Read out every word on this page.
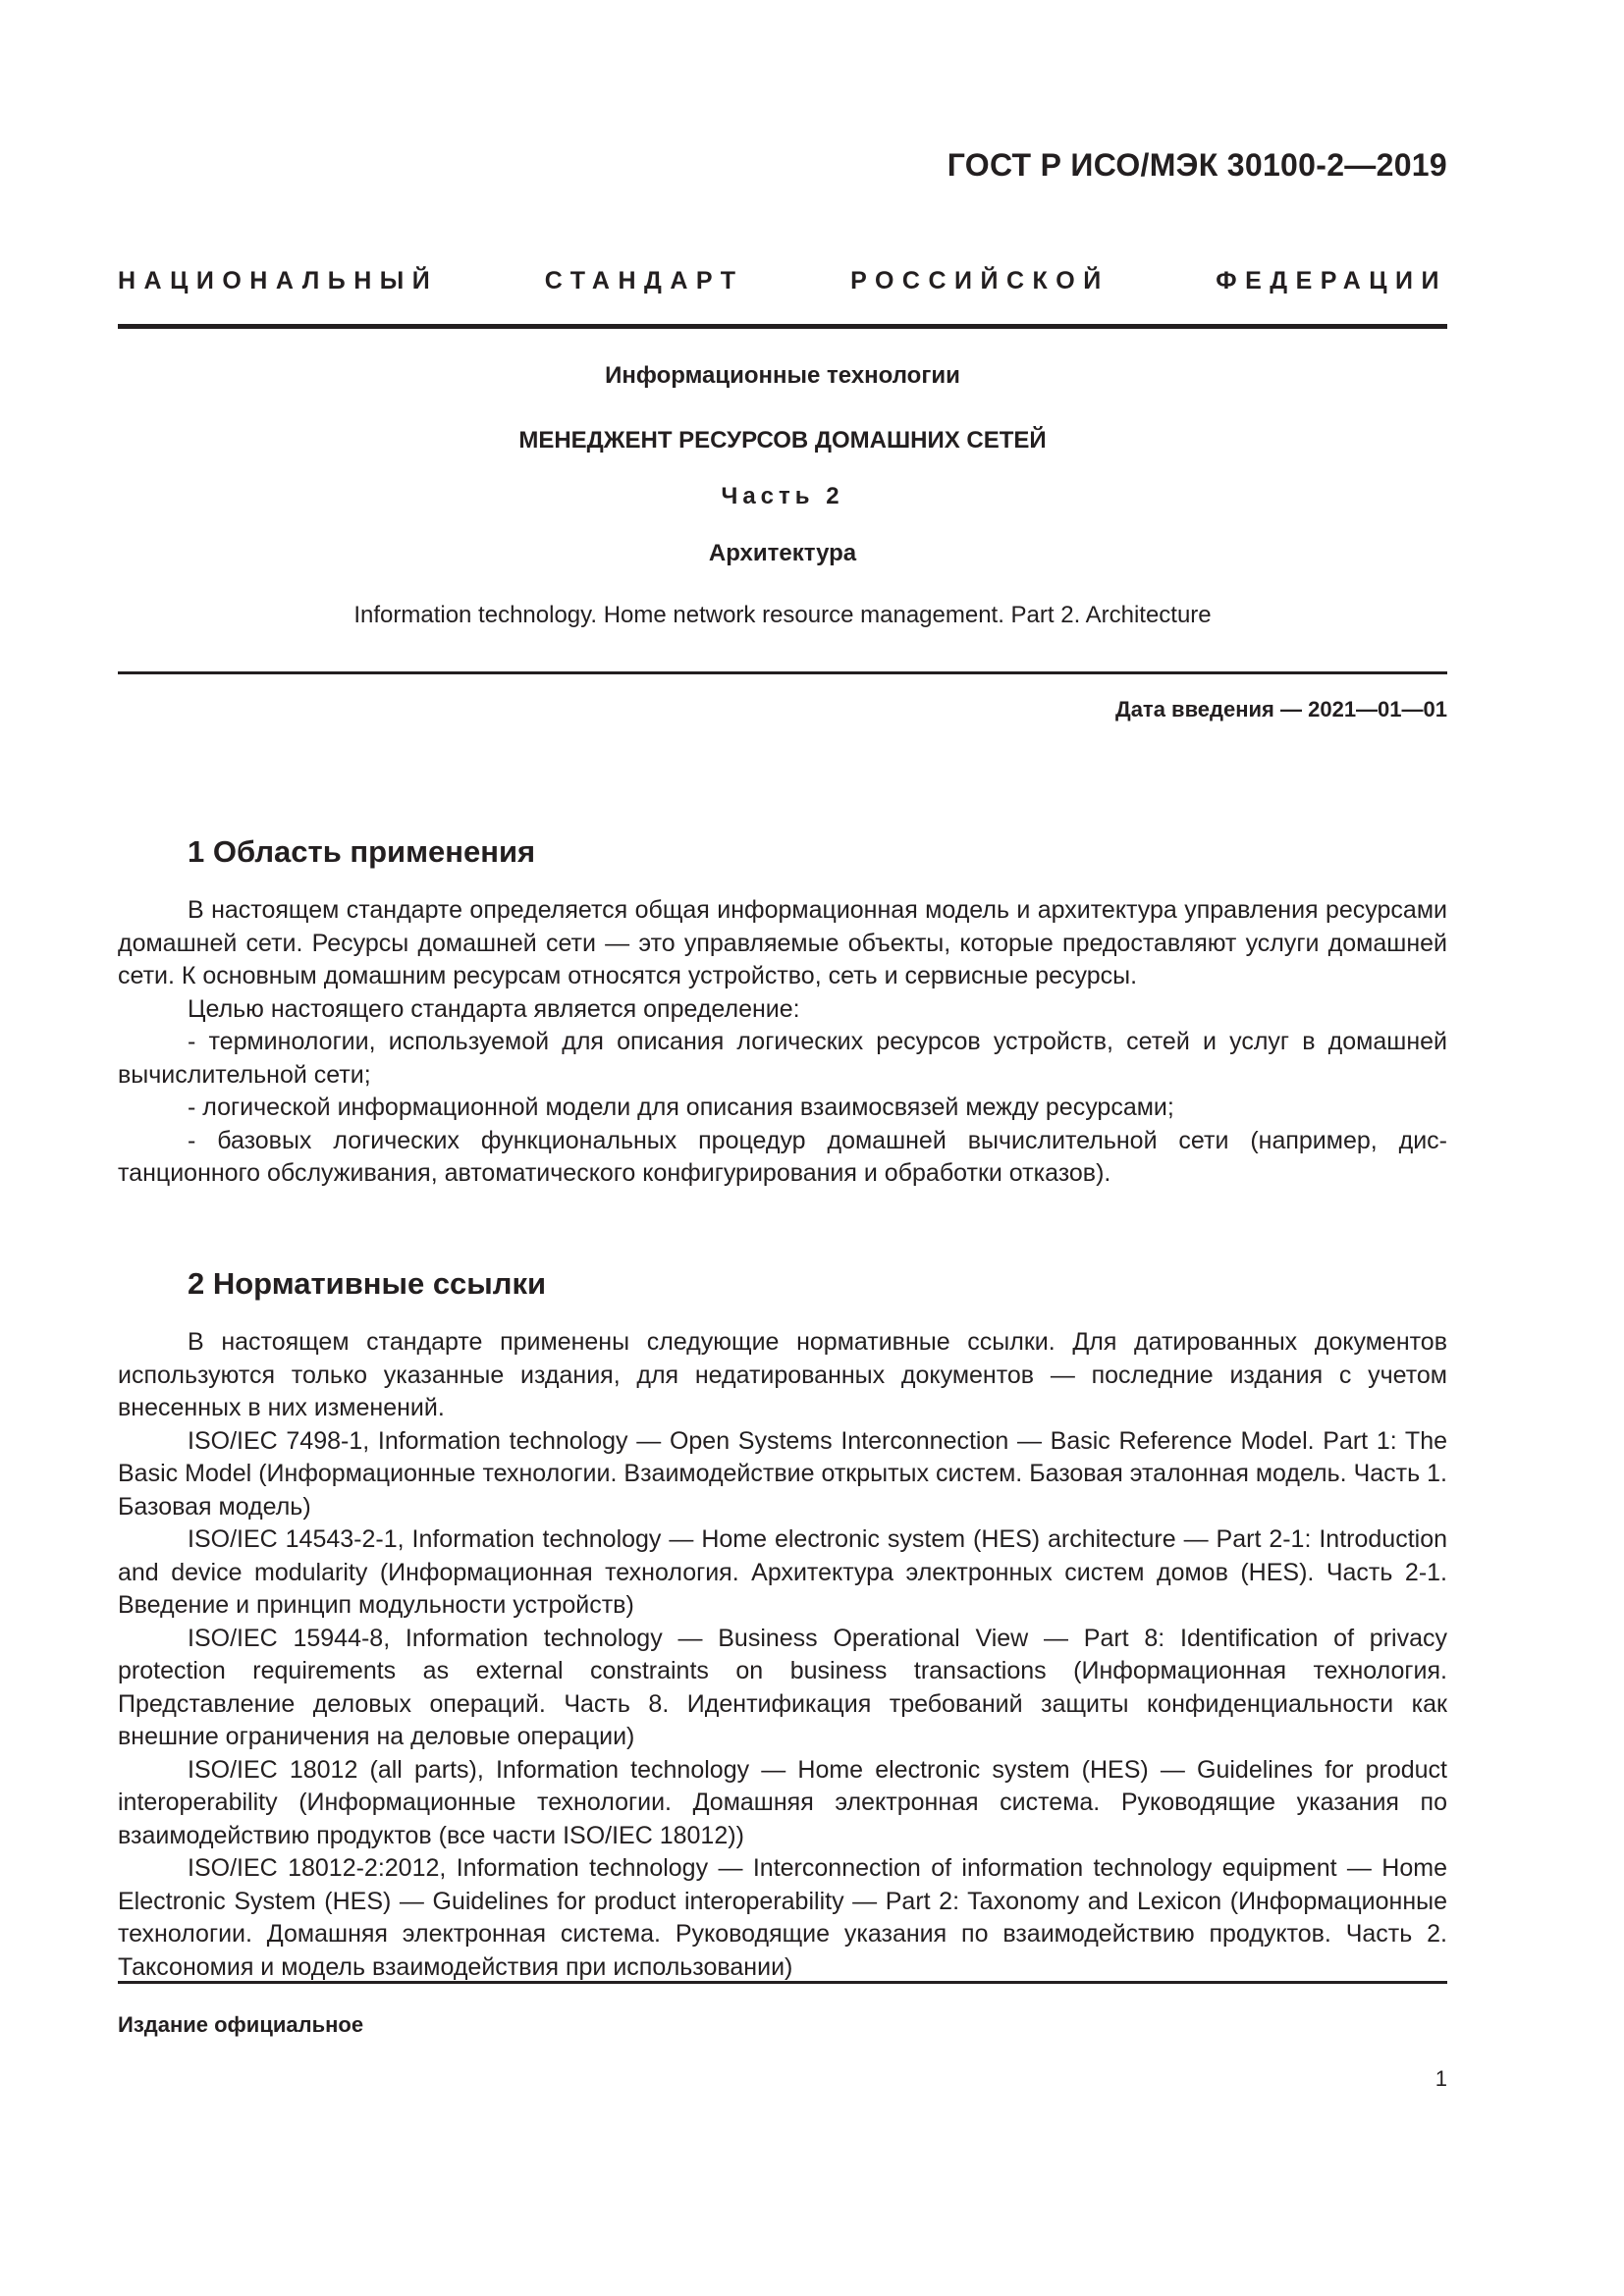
ГОСТ Р ИСО/МЭК 30100-2—2019
НАЦИОНАЛЬНЫЙ СТАНДАРТ РОССИЙСКОЙ ФЕДЕРАЦИИ
Информационные технологии
МЕНЕДЖЕНТ РЕСУРСОВ ДОМАШНИХ СЕТЕЙ
Часть 2
Архитектура
Information technology. Home network resource management. Part 2. Architecture
Дата введения — 2021—01—01
1 Область применения

В настоящем стандарте определяется общая информационная модель и архитектура управления ресурсами домашней сети. Ресурсы домашней сети — это управляемые объекты, которые предоставляют услуги домашней сети. К основным домашним ресурсам относятся устройство, сеть и сервисные ресурсы.

Целью настоящего стандарта является определение:

- терминологии, используемой для описания логических ресурсов устройств, сетей и услуг в домашней вычислительной сети;

- логической информационной модели для описания взаимосвязей между ресурсами;

- базовых логических функциональных процедур домашней вычислительной сети (например, дистанционного обслуживания, автоматического конфигурирования и обработки отказов).

2 Нормативные ссылки

В настоящем стандарте применены следующие нормативные ссылки. Для датированных документов используются только указанные издания, для недатированных документов — последние издания с учетом внесенных в них изменений.

ISO/IEC 7498-1, Information technology — Open Systems Interconnection — Basic Reference Model. Part 1: The Basic Model (Информационные технологии. Взаимодействие открытых систем. Базовая эталонная модель. Часть 1. Базовая модель)

ISO/IEC 14543-2-1, Information technology — Home electronic system (HES) architecture — Part 2-1: Introduction and device modularity (Информационная технология. Архитектура электронных систем домов (HES). Часть 2-1. Введение и принцип модульности устройств)

ISO/IEC 15944-8, Information technology — Business Operational View — Part 8: Identification of privacy protection requirements as external constraints on business transactions (Информационная технология. Представление деловых операций. Часть 8. Идентификация требований защиты конфиденциальности как внешние ограничения на деловые операции)

ISO/IEC 18012 (all parts), Information technology — Home electronic system (HES) — Guidelines for product interoperability (Информационные технологии. Домашняя электронная система. Руководящие указания по взаимодействию продуктов (все части ISO/IEC 18012))

ISO/IEC 18012-2:2012, Information technology — Interconnection of information technology equipment — Home Electronic System (HES) — Guidelines for product interoperability — Part 2: Taxonomy and Lexicon (Информационные технологии. Домашняя электронная система. Руководящие указания по взаимодействию продуктов. Часть 2. Таксономия и модель взаимодействия при использовании)

Издание официальное
1
